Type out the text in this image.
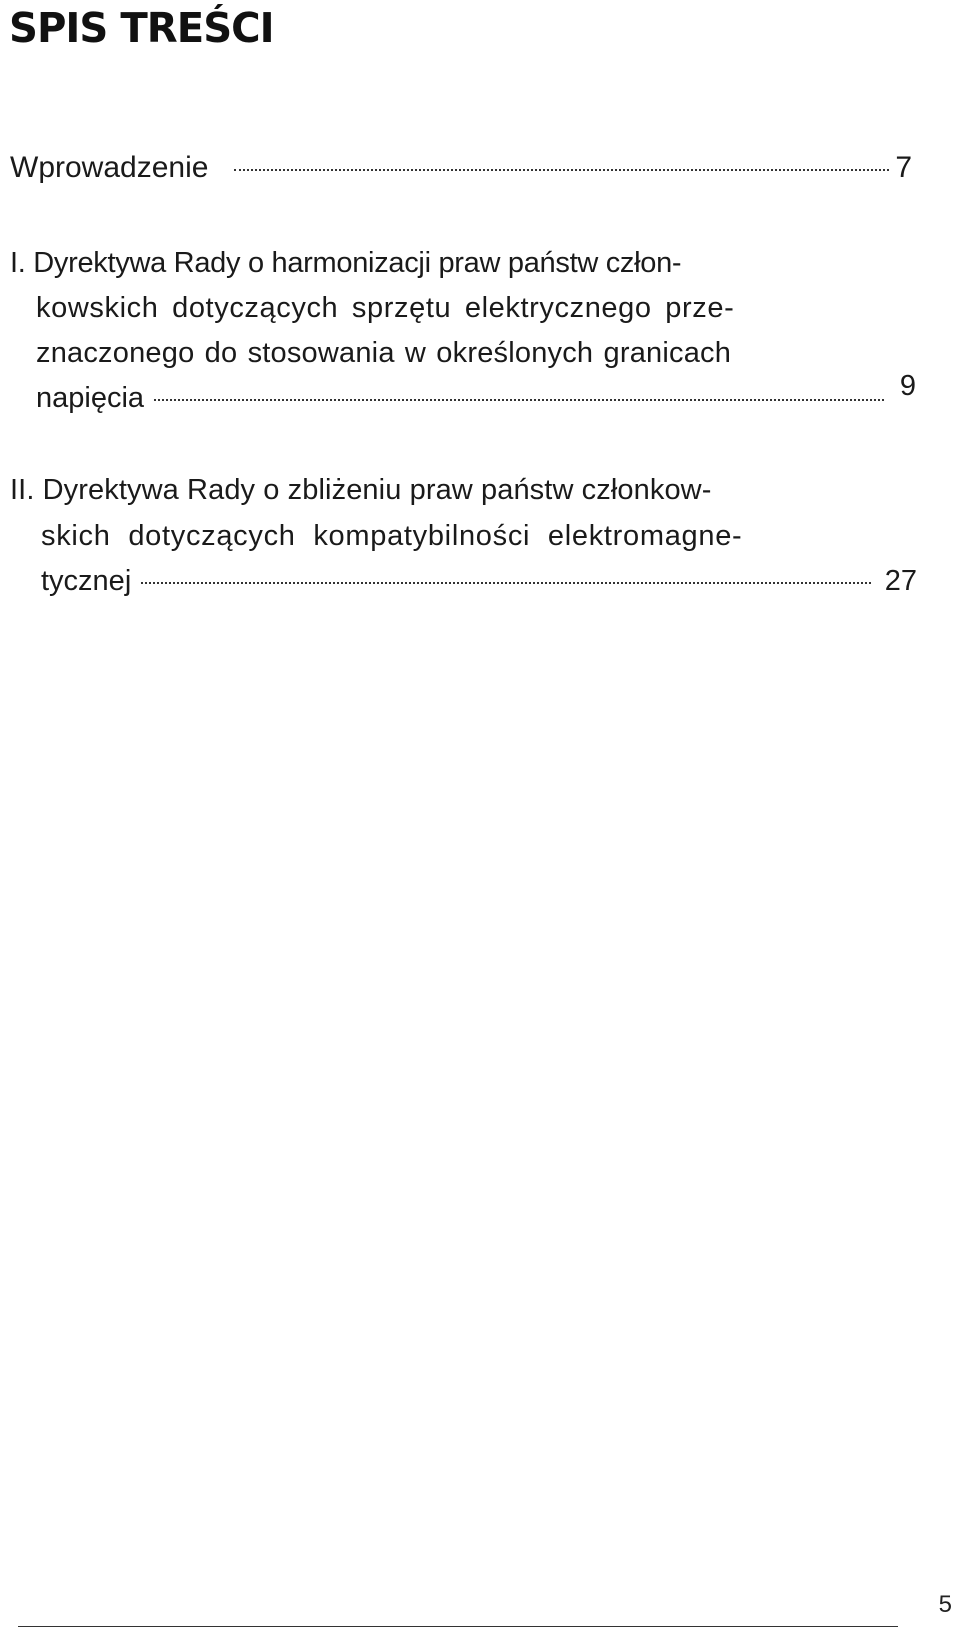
SPIS TREŚCI
Wprowadzenie	7
I. Dyrektywa Rady o harmonizacji praw państw człon-
kowskich dotyczących sprzętu elektrycznego prze-
znaczonego do stosowania w określonych granicach
napięcia	9
II. Dyrektywa Rady o zbliżeniu praw państw członkow-
skich dotyczących kompatybilności elektromagne-
tycznej	27
5
